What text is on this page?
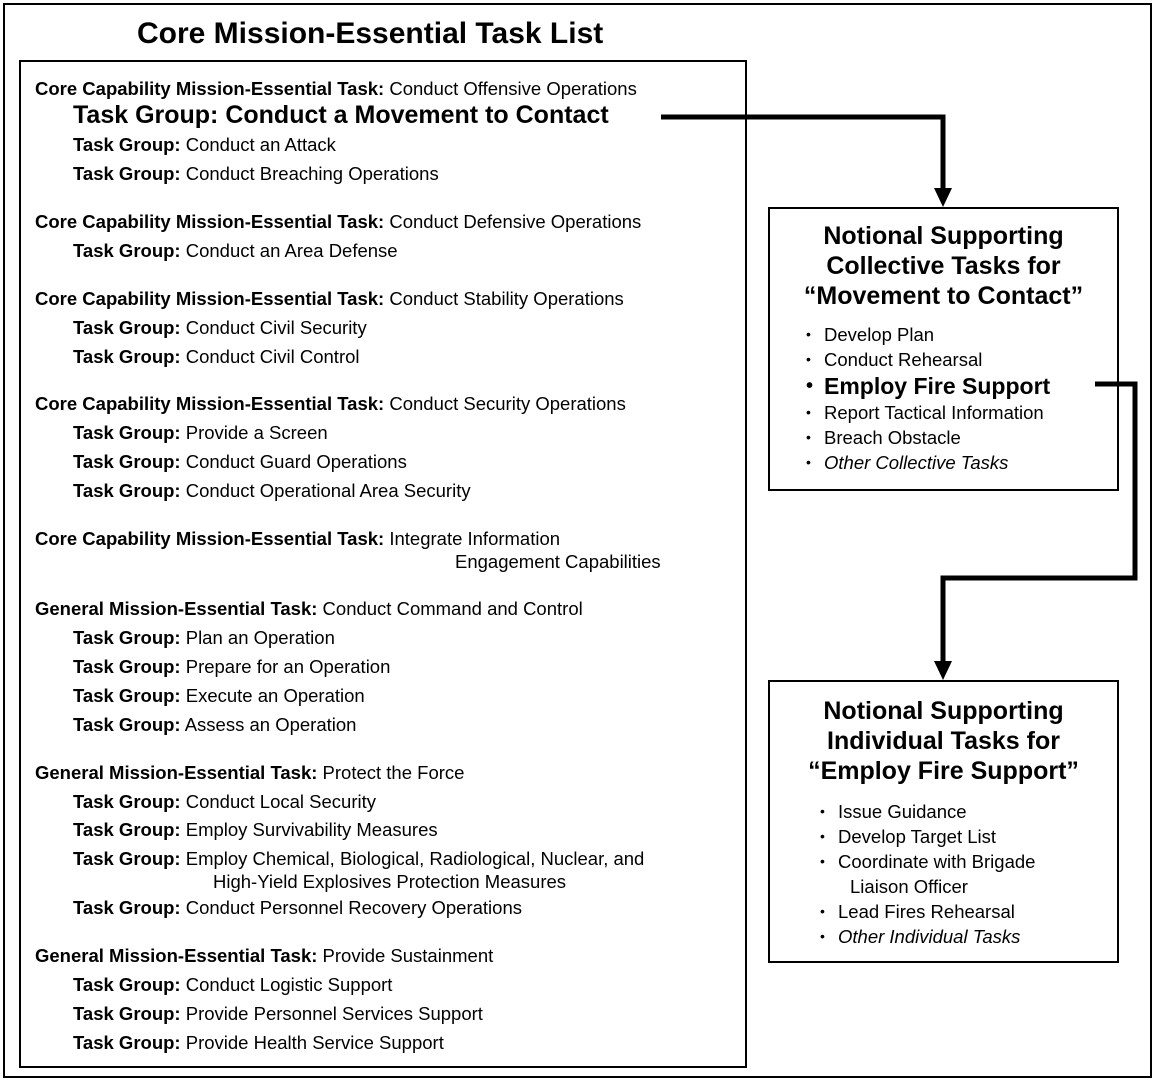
Core Mission-Essential Task List
Core Capability Mission-Essential Task: Conduct Offensive Operations
Task Group: Conduct a Movement to Contact
Task Group: Conduct an Attack
Task Group: Conduct Breaching Operations
Core Capability Mission-Essential Task: Conduct Defensive Operations
Task Group: Conduct an Area Defense
Core Capability Mission-Essential Task: Conduct Stability Operations
Task Group: Conduct Civil Security
Task Group: Conduct Civil Control
Core Capability Mission-Essential Task: Conduct Security Operations
Task Group: Provide a Screen
Task Group: Conduct Guard Operations
Task Group: Conduct Operational Area Security
Core Capability Mission-Essential Task: Integrate Information
Engagement Capabilities
General Mission-Essential Task: Conduct Command and Control
Task Group: Plan an Operation
Task Group: Prepare for an Operation
Task Group: Execute an Operation
Task Group: Assess an Operation
General Mission-Essential Task: Protect the Force
Task Group: Conduct Local Security
Task Group: Employ Survivability Measures
Task Group: Employ Chemical, Biological, Radiological, Nuclear, and
High-Yield Explosives Protection Measures
Task Group: Conduct Personnel Recovery Operations
General Mission-Essential Task: Provide Sustainment
Task Group: Conduct Logistic Support
Task Group: Provide Personnel Services Support
Task Group: Provide Health Service Support
Notional Supporting
Collective Tasks for
“Movement to Contact”
• Develop Plan
• Conduct Rehearsal
• Employ Fire Support
• Report Tactical Information
• Breach Obstacle
• Other Collective Tasks
Notional Supporting
Individual Tasks for
“Employ Fire Support”
• Issue Guidance
• Develop Target List
• Coordinate with Brigade
Liaison Officer
• Lead Fires Rehearsal
• Other Individual Tasks
